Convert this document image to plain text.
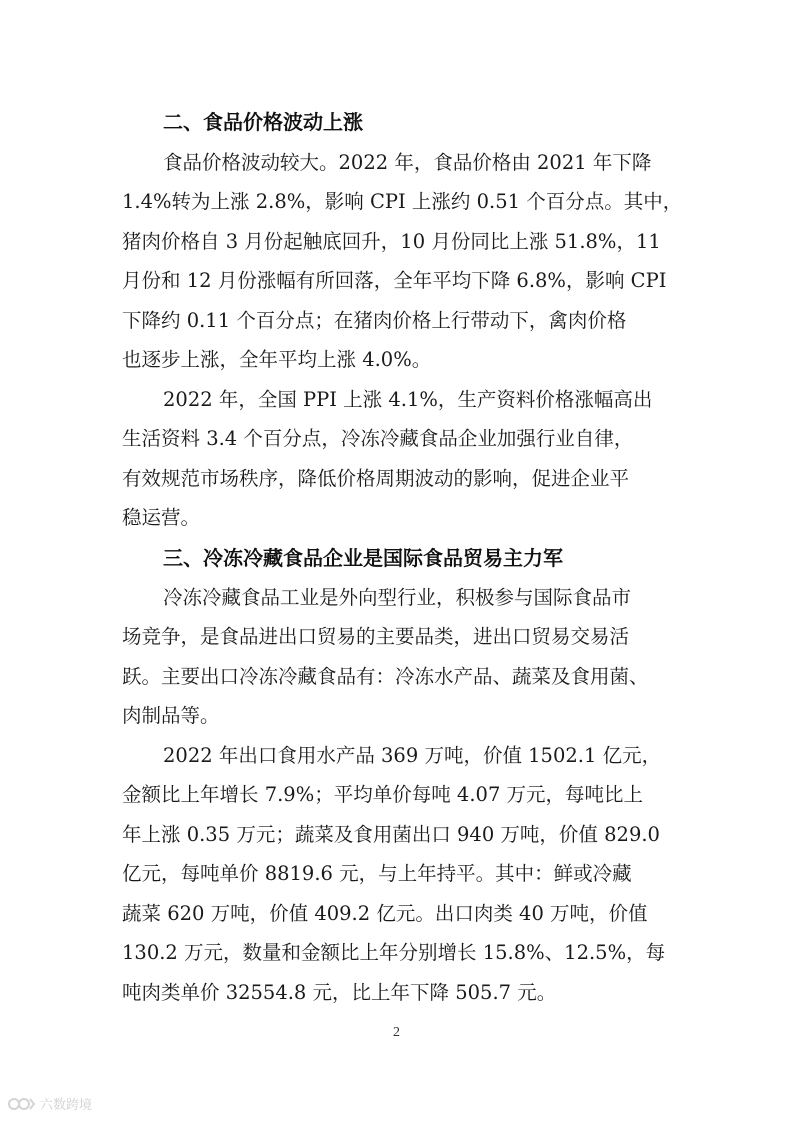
二、食品价格波动上涨
食品价格波动较大。2022 年，食品价格由 2021 年下降
1.4%转为上涨 2.8%，影响 CPI 上涨约 0.51 个百分点。其中，
猪肉价格自 3 月份起触底回升，10 月份同比上涨 51.8%，11
月份和 12 月份涨幅有所回落，全年平均下降 6.8%，影响 CPI
下降约 0.11 个百分点；在猪肉价格上行带动下，禽肉价格
也逐步上涨，全年平均上涨 4.0%。
2022 年，全国 PPI 上涨 4.1%，生产资料价格涨幅高出
生活资料 3.4 个百分点，冷冻冷藏食品企业加强行业自律，
有效规范市场秩序，降低价格周期波动的影响，促进企业平
稳运营。
三、冷冻冷藏食品企业是国际食品贸易主力军
冷冻冷藏食品工业是外向型行业，积极参与国际食品市
场竞争，是食品进出口贸易的主要品类，进出口贸易交易活
跃。主要出口冷冻冷藏食品有：冷冻水产品、蔬菜及食用菌、
肉制品等。
2022 年出口食用水产品 369 万吨，价值 1502.1 亿元，
金额比上年增长 7.9%；平均单价每吨 4.07 万元，每吨比上
年上涨 0.35 万元；蔬菜及食用菌出口 940 万吨，价值 829.0
亿元，每吨单价 8819.6 元，与上年持平。其中：鲜或冷藏
蔬菜 620 万吨，价值 409.2 亿元。出口肉类 40 万吨，价值
130.2 万元，数量和金额比上年分别增长 15.8%、12.5%，每
吨肉类单价 32554.8 元，比上年下降 505.7 元。
2
六数跨境
